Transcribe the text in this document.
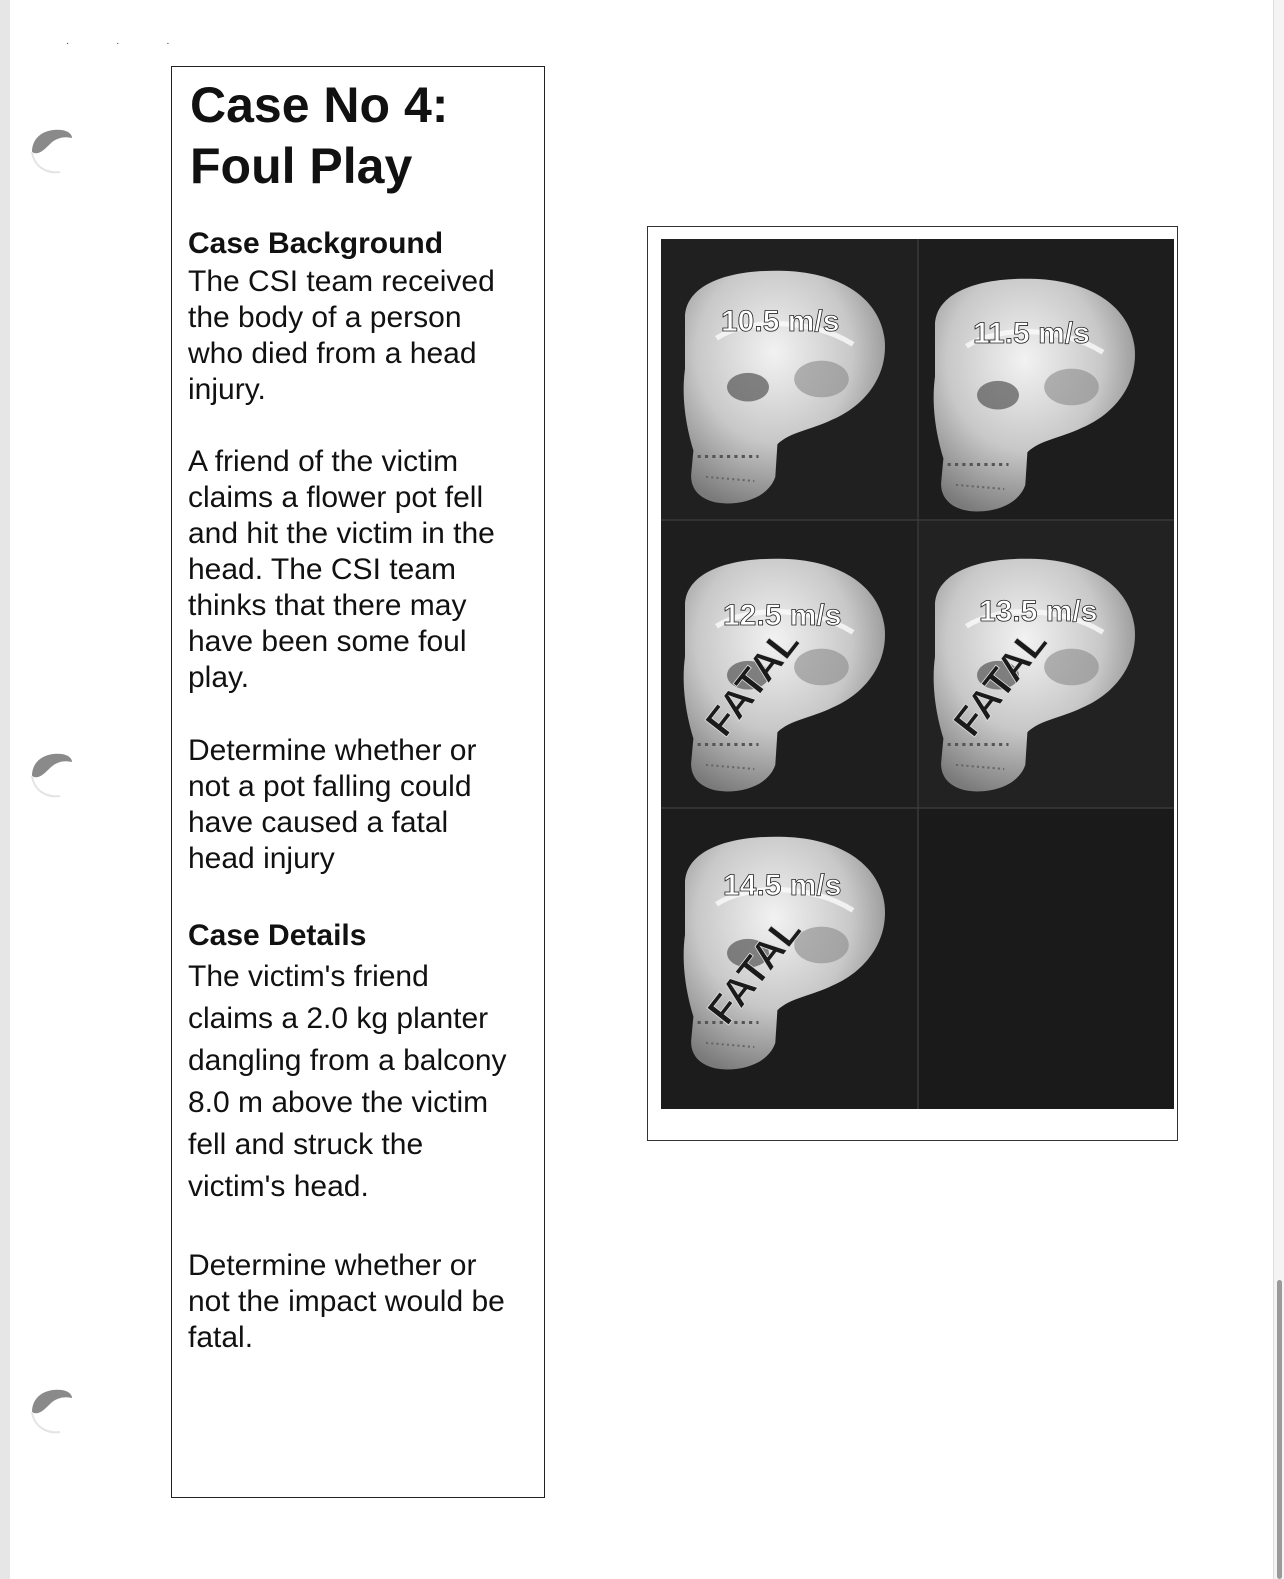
· · ·
Case No 4:
Foul Play
Case Background

The CSI team received
the body of a person
who died from a head
injury.

A friend of the victim
claims a flower pot fell
and hit the victim in the
head. The CSI team
thinks that there may
have been some foul
play.

Determine whether or
not a pot falling could
have caused a fatal
head injury

Case Details

The victim's friend
claims a 2.0 kg planter
dangling from a balcony
8.0 m above the victim
fell and struck the
victim's head.

Determine whether or
not the impact would be
fatal.

10.5 m/s	11.5 m/s
12.5 m/s
FATAL
13.5 m/s
FATAL
14.5 m/s
FATAL
